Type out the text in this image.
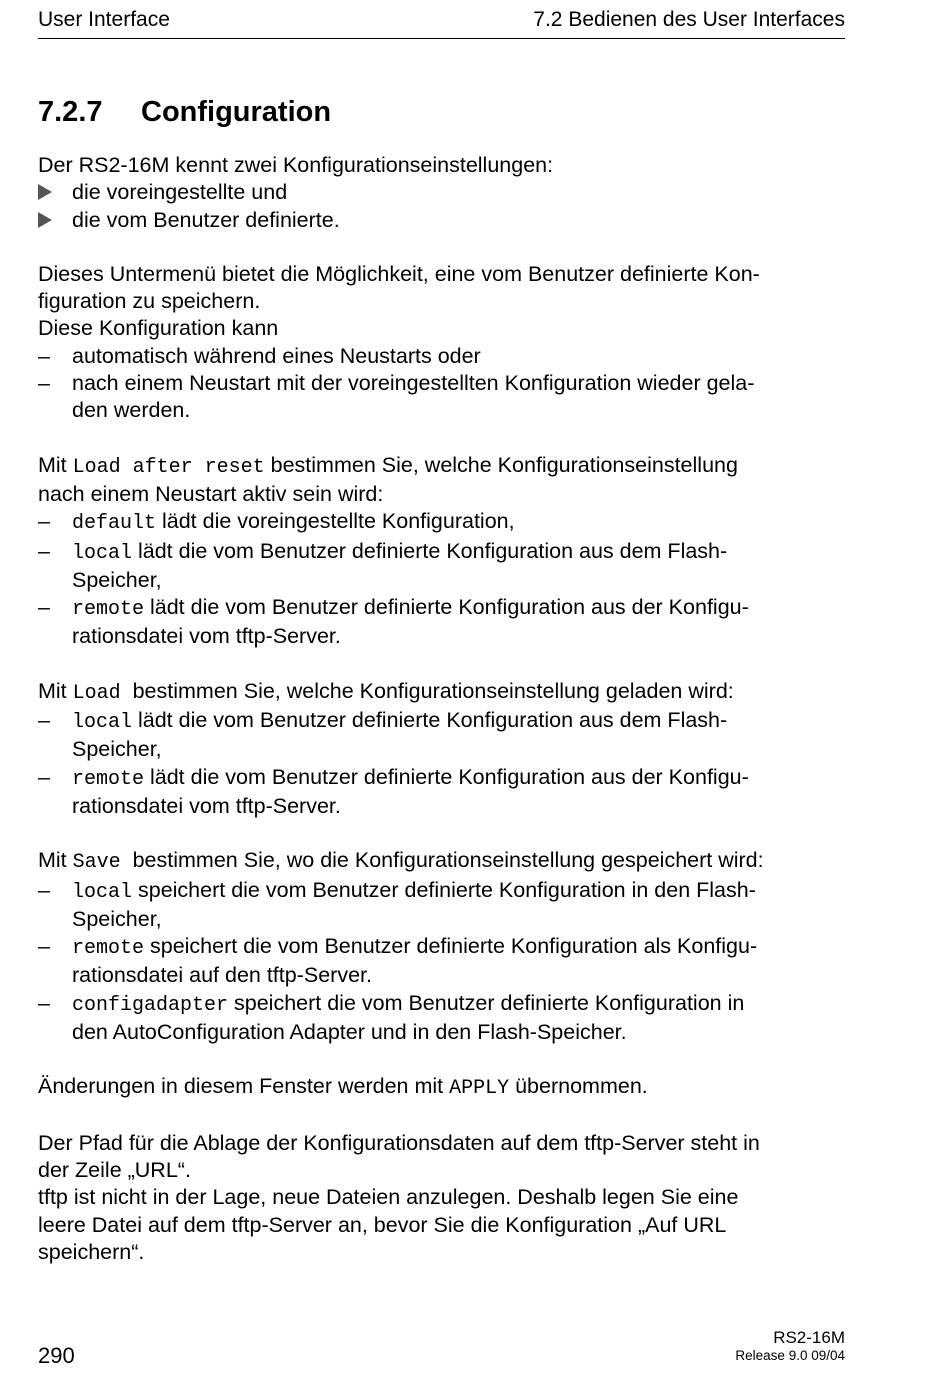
User Interface	7.2 Bedienen des User Interfaces
7.2.7 Configuration

Der RS2-16M kennt zwei Konfigurationseinstellungen:

die voreingestellte und
die vom Benutzer definierte.

Dieses Untermenü bietet die Möglichkeit, eine vom Benutzer definierte Kon-
figuration zu speichern.

Diese Konfiguration kann

– automatisch während eines Neustarts oder
– nach einem Neustart mit der voreingestellten Konfiguration wieder gela-
den werden.

Mit Load after reset bestimmen Sie, welche Konfigurationseinstellung
nach einem Neustart aktiv sein wird:

– default lädt die voreingestellte Konfiguration,
– local lädt die vom Benutzer definierte Konfiguration aus dem Flash-
Speicher,
– remote lädt die vom Benutzer definierte Konfiguration aus der Konfigu-
rationsdatei vom tftp-Server.

Mit Load  bestimmen Sie, welche Konfigurationseinstellung geladen wird:

– local lädt die vom Benutzer definierte Konfiguration aus dem Flash-
Speicher,
– remote lädt die vom Benutzer definierte Konfiguration aus der Konfigu-
rationsdatei vom tftp-Server.

Mit Save  bestimmen Sie, wo die Konfigurationseinstellung gespeichert wird:

– local speichert die vom Benutzer definierte Konfiguration in den Flash-
Speicher,
– remote speichert die vom Benutzer definierte Konfiguration als Konfigu-
rationsdatei auf den tftp-Server.
– configadapter speichert die vom Benutzer definierte Konfiguration in
den AutoConfiguration Adapter und in den Flash-Speicher.

Änderungen in diesem Fenster werden mit APPLY übernommen.

Der Pfad für die Ablage der Konfigurationsdaten auf dem tftp-Server steht in
der Zeile „URL“.
tftp ist nicht in der Lage, neue Dateien anzulegen. Deshalb legen Sie eine
leere Datei auf dem tftp-Server an, bevor Sie die Konfiguration „Auf URL
speichern“.

290
RS2-16M
Release 9.0 09/04
